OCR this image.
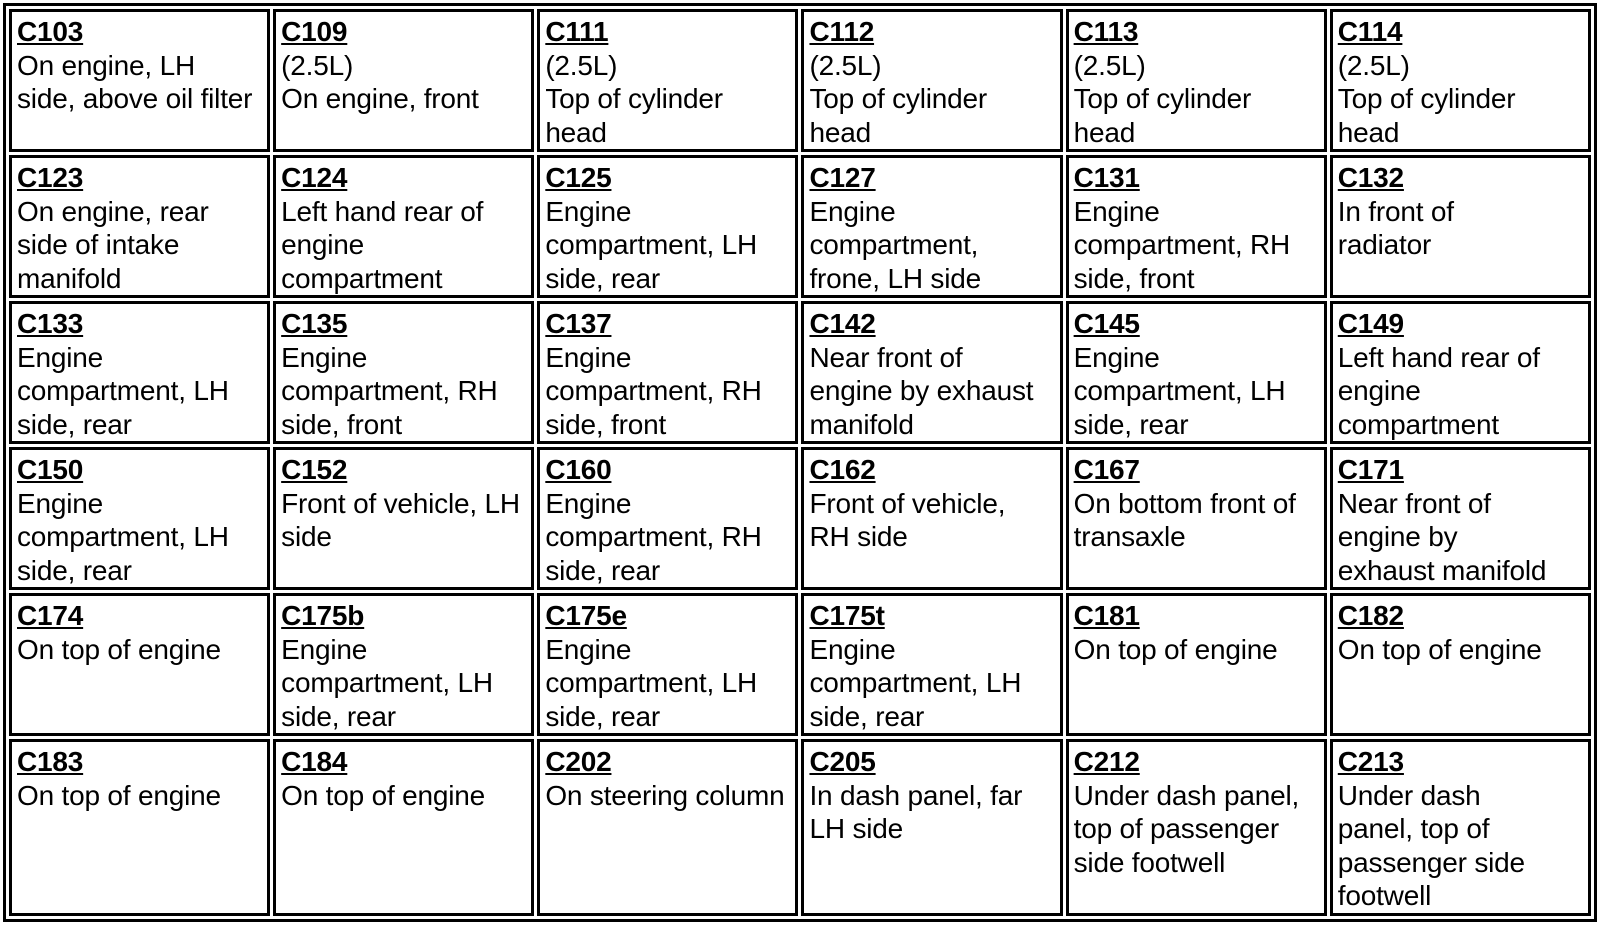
C103
On engine, LH
side, above oil filter	C109
(2.5L)
On engine, front	C111
(2.5L)
Top of cylinder
head	C112
(2.5L)
Top of cylinder
head	C113
(2.5L)
Top of cylinder
head	C114
(2.5L)
Top of cylinder
head

C123
On engine, rear
side of intake
manifold	C124
Left hand rear of
engine
compartment	C125
Engine
compartment, LH
side, rear	C127
Engine
compartment,
frone, LH side	C131
Engine
compartment, RH
side, front	C132
In front of
radiator

C133
Engine
compartment, LH
side, rear	C135
Engine
compartment, RH
side, front	C137
Engine
compartment, RH
side, front	C142
Near front of
engine by exhaust
manifold	C145
Engine
compartment, LH
side, rear	C149
Left hand rear of
engine
compartment

C150
Engine
compartment, LH
side, rear	C152
Front of vehicle, LH
side	C160
Engine
compartment, RH
side, rear	C162
Front of vehicle,
RH side	C167
On bottom front of
transaxle	C171
Near front of
engine by
exhaust manifold

C174
On top of engine	C175b
Engine
compartment, LH
side, rear	C175e
Engine
compartment, LH
side, rear	C175t
Engine
compartment, LH
side, rear	C181
On top of engine	C182
On top of engine

C183
On top of engine	C184
On top of engine	C202
On steering column	C205
In dash panel, far
LH side	C212
Under dash panel,
top of passenger
side footwell	C213
Under dash
panel, top of
passenger side
footwell
